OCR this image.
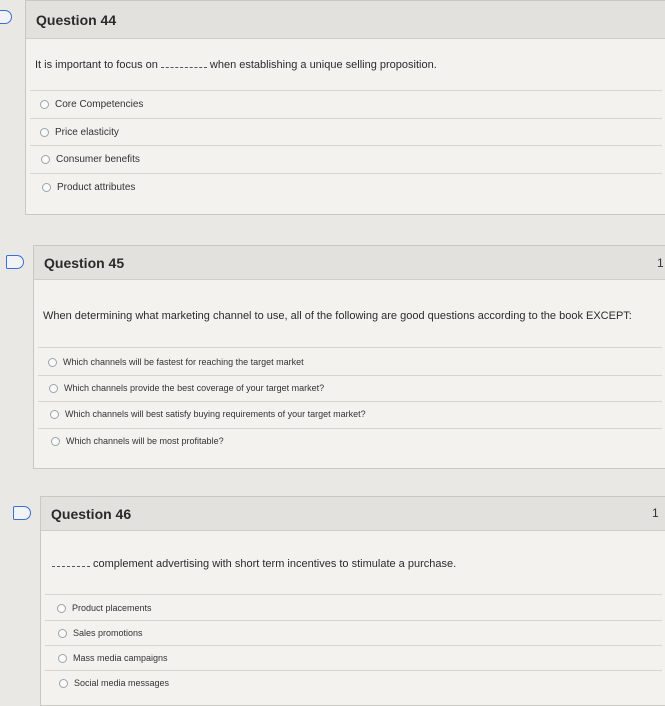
Question 44
It is important to focus on	when establishing a unique selling proposition.
Core Competencies
Price elasticity
Consumer benefits
Product attributes
Question 45	1
When determining what marketing channel to use, all of the following are good questions according to the book EXCEPT:
Which channels will be fastest for reaching the target market
Which channels provide the best coverage of your target market?
Which channels will best satisfy buying requirements of your target market?
Which channels will be most profitable?
Question 46	1
complement advertising with short term incentives to stimulate a purchase.
Product placements
Sales promotions
Mass media campaigns
Social media messages
